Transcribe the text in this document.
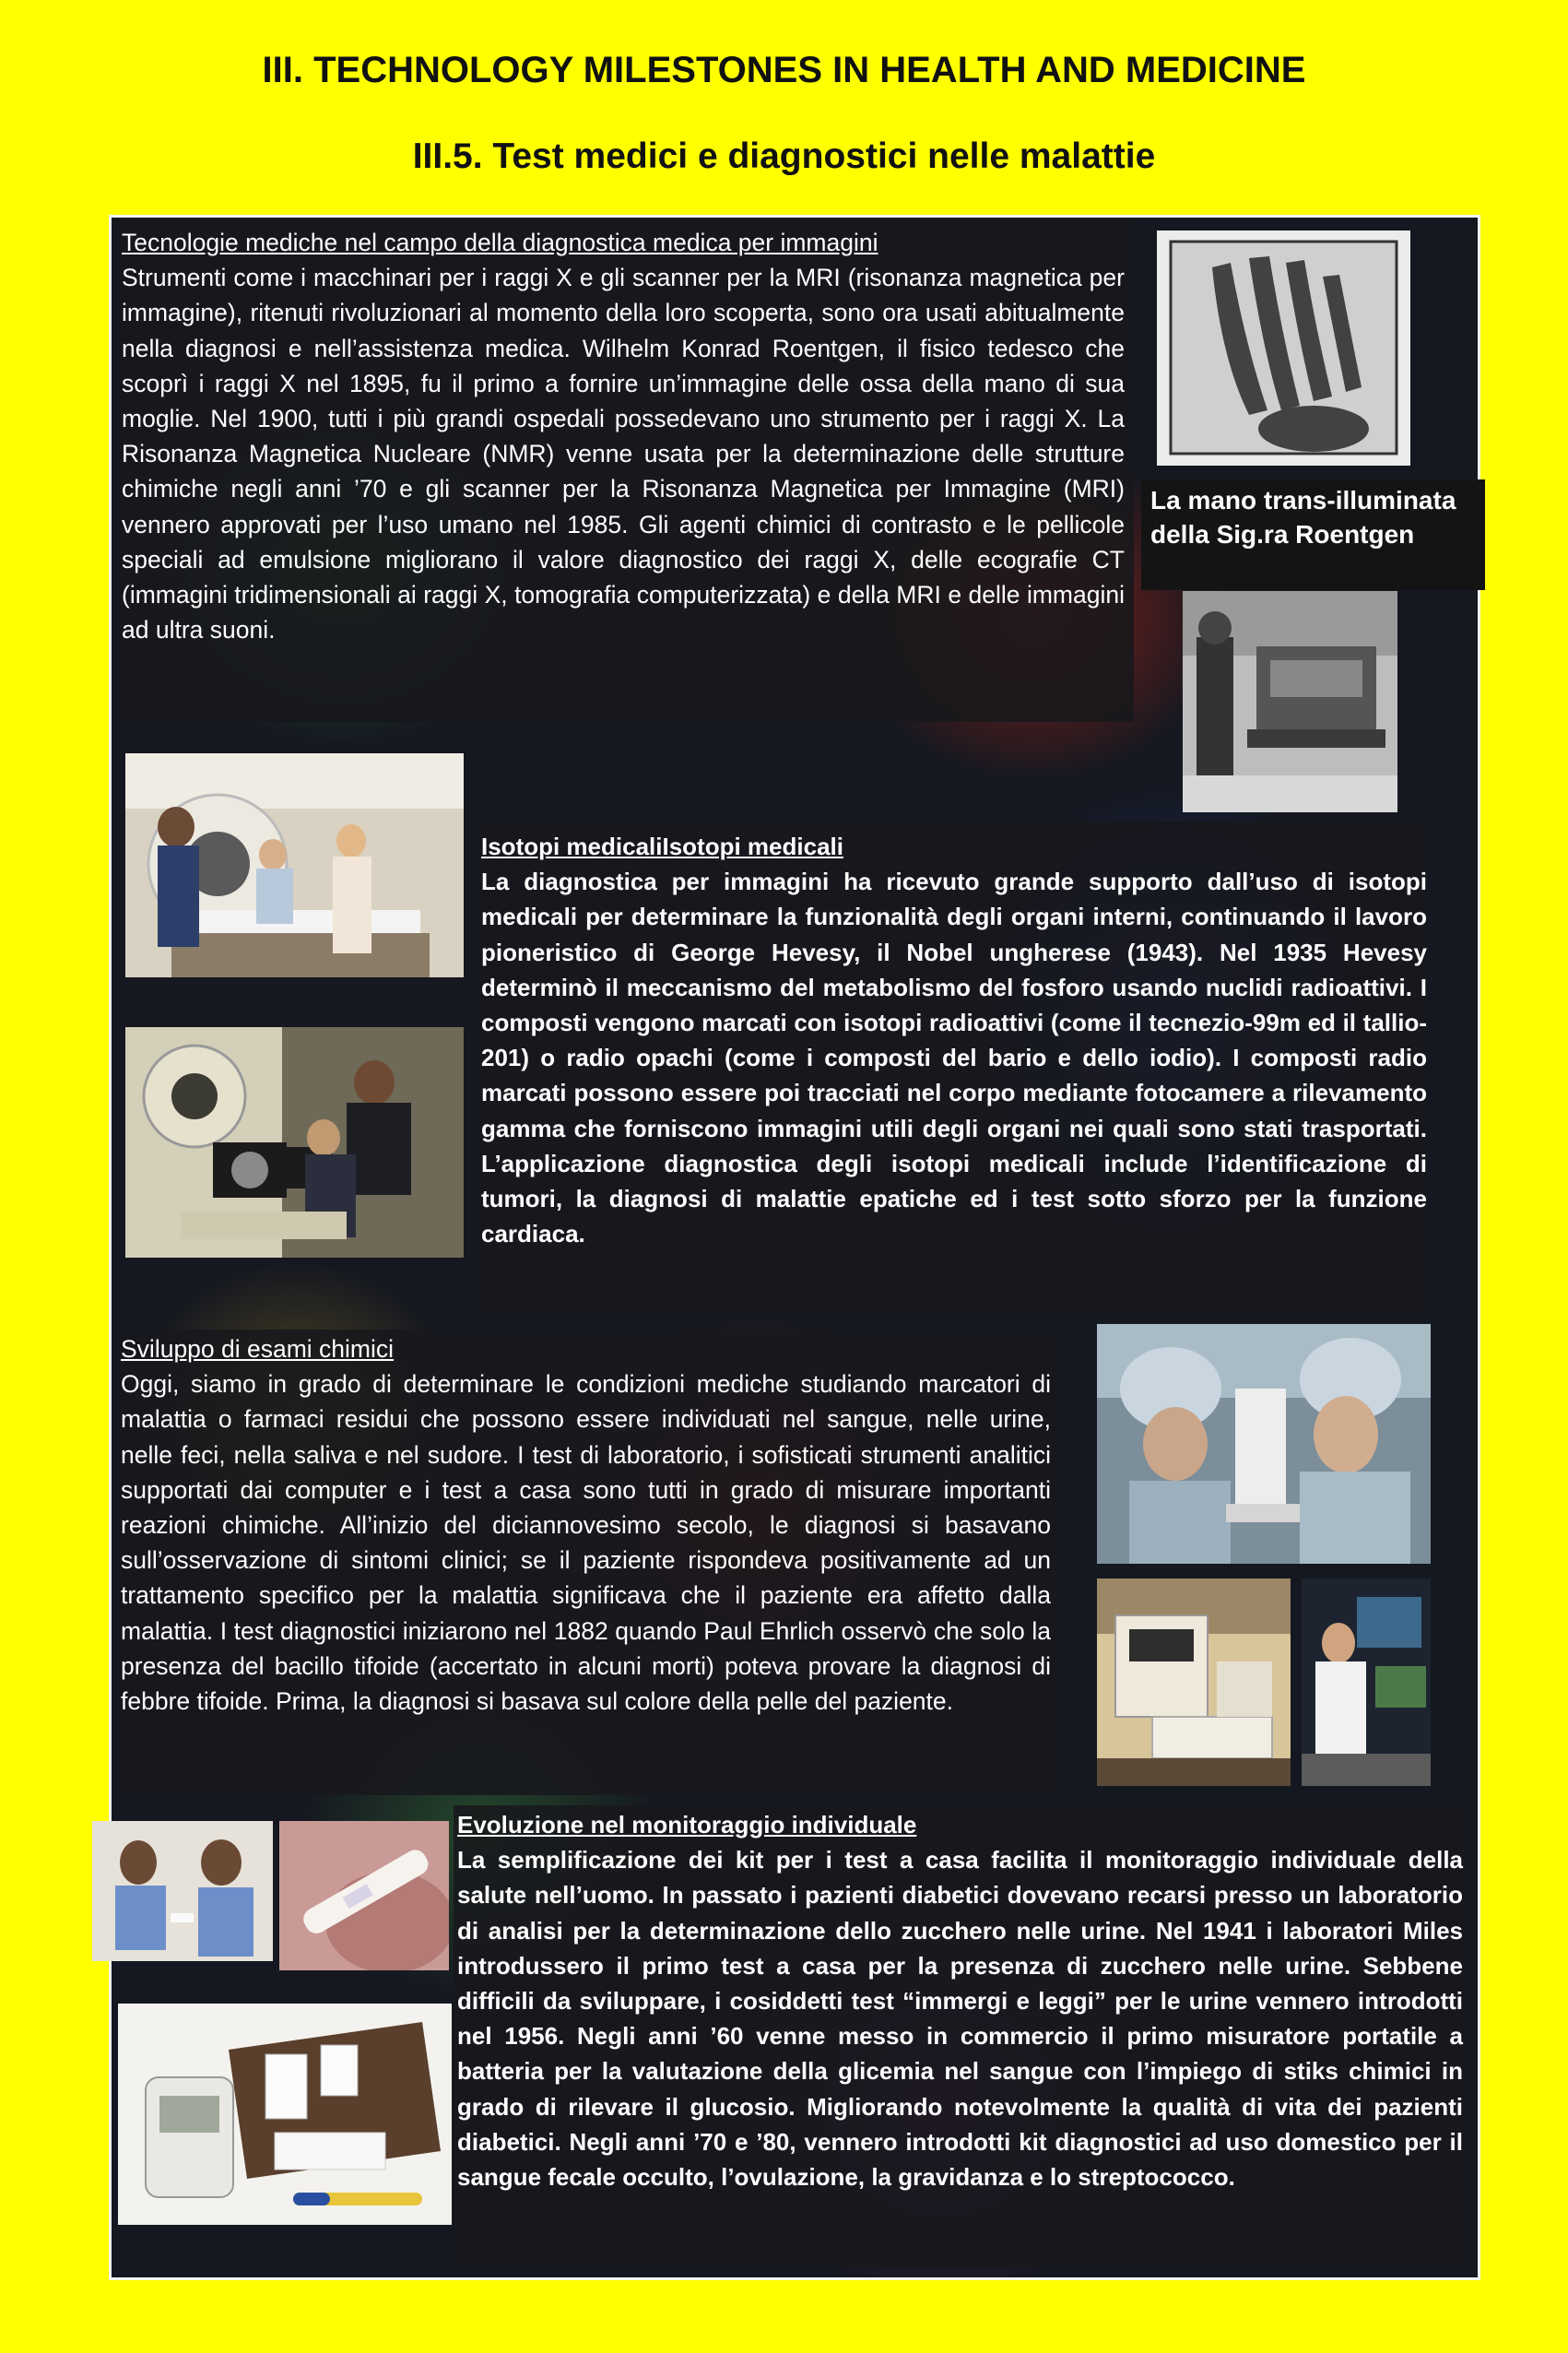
III. TECHNOLOGY MILESTONES IN HEALTH AND MEDICINE
III.5. Test medici e diagnostici nelle malattie
Tecnologie mediche nel campo della diagnostica medica per immagini
Strumenti come i macchinari per i raggi X e gli scanner per la MRI (risonanza magnetica per immagine), ritenuti rivoluzionari al momento della loro scoperta, sono ora usati abitualmente nella diagnosi e nell’assistenza medica. Wilhelm Konrad Roentgen, il fisico tedesco che scoprì i raggi X nel 1895, fu il primo a fornire un’immagine delle ossa della mano di sua moglie. Nel 1900, tutti i più grandi ospedali possedevano uno strumento per i raggi X. La Risonanza Magnetica Nucleare (NMR) venne usata per la determinazione delle strutture chimiche negli anni ’70 e gli scanner per la Risonanza Magnetica per Immagine (MRI) vennero approvati per l’uso umano nel 1985. Gli agenti chimici di contrasto e le pellicole speciali ad emulsione migliorano il valore diagnostico dei raggi X, delle ecografie CT (immagini tridimensionali ai raggi X, tomografia computerizzata) e della MRI e delle immagini ad ultra suoni.
La mano trans-illuminata della Sig.ra Roentgen
Isotopi medicaliIsotopi medicali
La diagnostica per immagini ha ricevuto grande supporto dall’uso di isotopi medicali per determinare la funzionalità degli organi interni, continuando il lavoro pioneristico di George Hevesy, il Nobel ungherese (1943). Nel 1935 Hevesy determinò il meccanismo del metabolismo del fosforo usando nuclidi radioattivi. I composti vengono marcati con isotopi radioattivi (come il tecnezio-99m ed il tallio-201) o radio opachi (come i composti del bario e dello iodio). I composti radio marcati possono essere poi tracciati nel corpo mediante fotocamere a rilevamento gamma che forniscono immagini utili degli organi nei quali sono stati trasportati. L’applicazione diagnostica degli isotopi medicali include l’identificazione di tumori, la diagnosi di malattie epatiche ed i test sotto sforzo per la funzione cardiaca.
Sviluppo di esami chimici
Oggi, siamo in grado di determinare le condizioni mediche studiando marcatori di malattia o farmaci residui che possono essere individuati nel sangue, nelle urine, nelle feci, nella saliva e nel sudore. I test di laboratorio, i sofisticati strumenti analitici supportati dai computer e i test a casa sono tutti in grado di misurare importanti reazioni chimiche. All’inizio del diciannovesimo secolo, le diagnosi si basavano sull’osservazione di sintomi clinici; se il paziente rispondeva positivamente ad un trattamento specifico per la malattia significava che il paziente era affetto dalla malattia. I test diagnostici iniziarono nel 1882 quando Paul Ehrlich osservò che solo la presenza del bacillo tifoide (accertato in alcuni morti) poteva provare la diagnosi di febbre tifoide. Prima, la diagnosi si basava sul colore della pelle del paziente.
Evoluzione nel monitoraggio individuale
La semplificazione dei kit per i test a casa facilita il monitoraggio individuale della salute nell’uomo. In passato i pazienti diabetici dovevano recarsi presso un laboratorio di analisi per la determinazione dello zucchero nelle urine. Nel 1941 i laboratori Miles introdussero il primo test a casa per la presenza di zucchero nelle urine. Sebbene difficili da sviluppare, i cosiddetti test “immergi e leggi” per le urine vennero introdotti nel 1956. Negli anni ’60 venne messo in commercio il primo misuratore portatile a batteria per la valutazione della glicemia nel sangue con l’impiego di stiks chimici in grado di rilevare il glucosio. Migliorando notevolmente la qualità di vita dei pazienti diabetici. Negli anni ’70 e ’80, vennero introdotti kit diagnostici ad uso domestico per il sangue fecale occulto, l’ovulazione, la gravidanza e lo streptococco.
